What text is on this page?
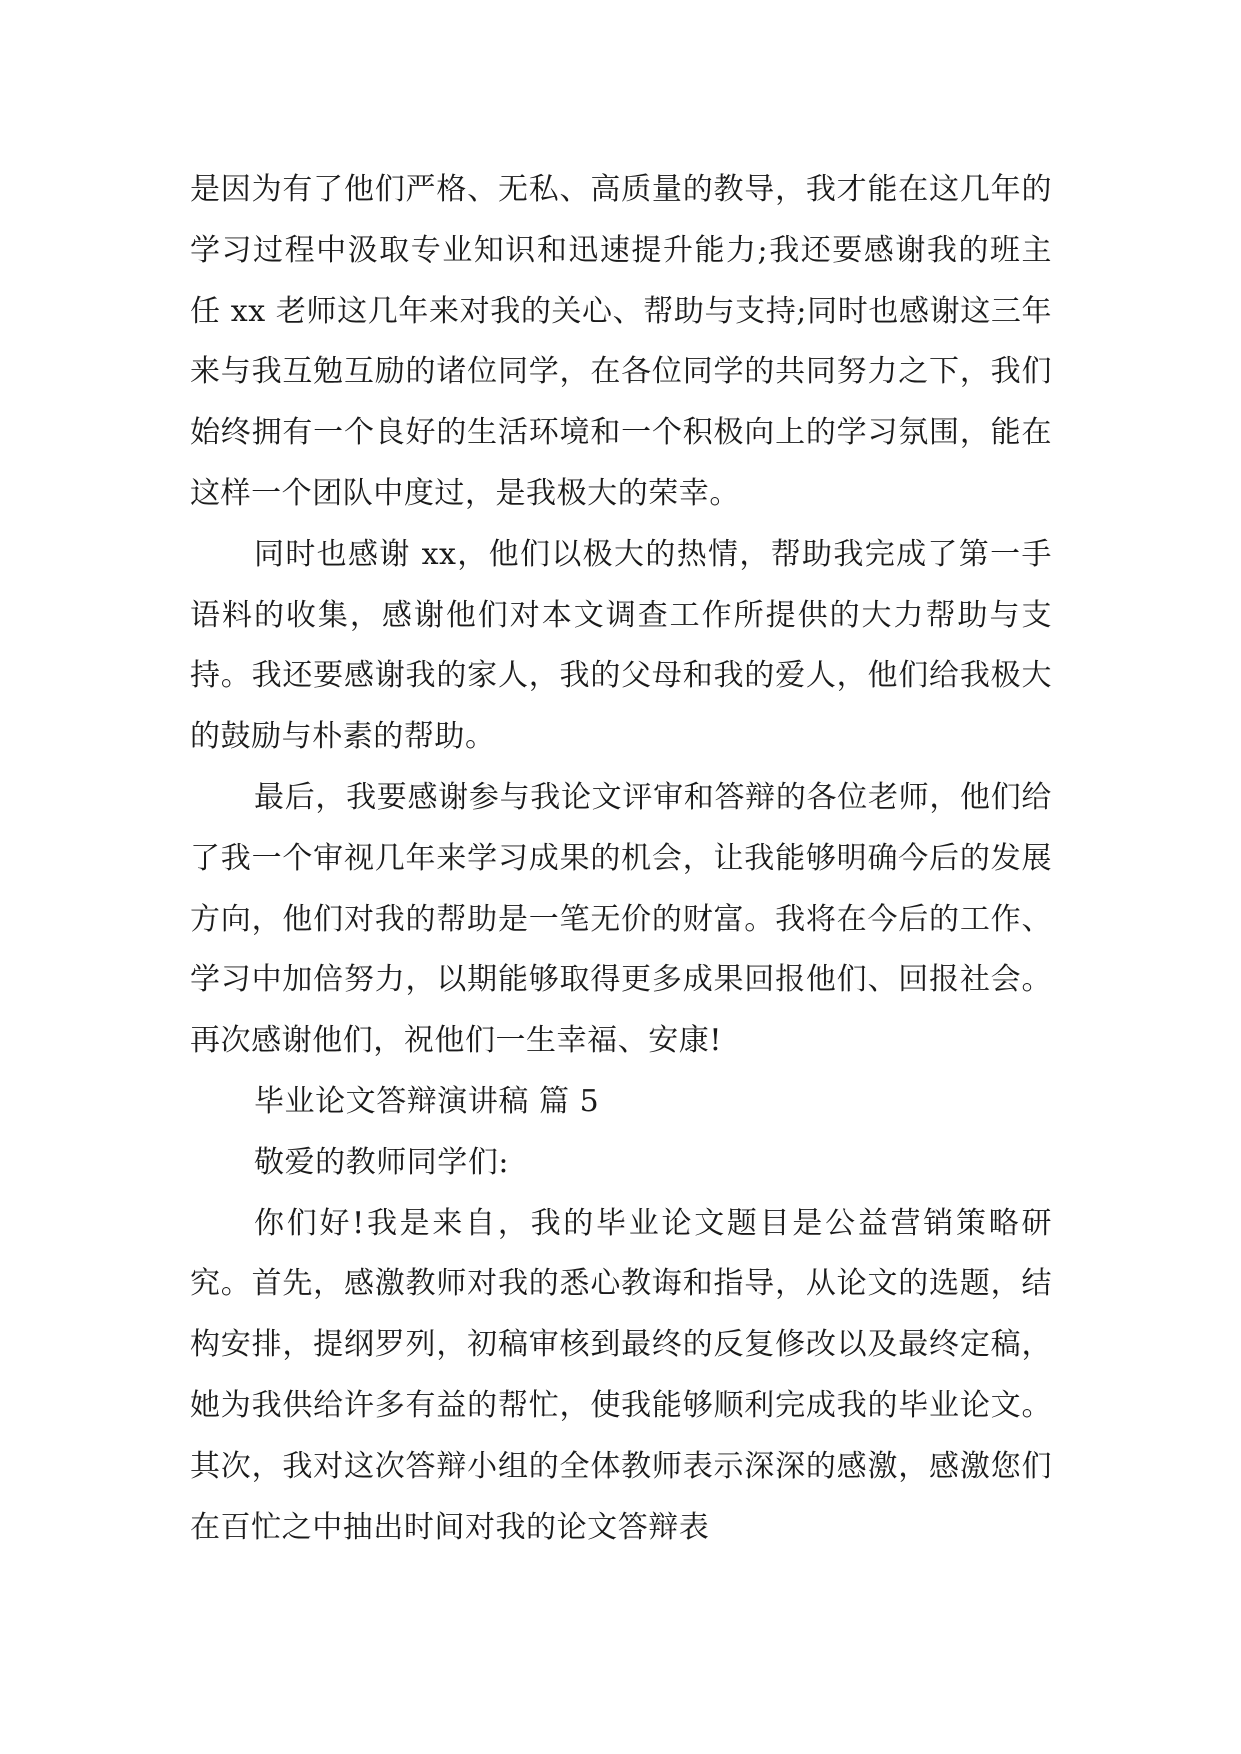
是因为有了他们严格、无私、高质量的教导，我才能在这几年的学习过程中汲取专业知识和迅速提升能力;我还要感谢我的班主任 xx 老师这几年来对我的关心、帮助与支持;同时也感谢这三年来与我互勉互励的诸位同学，在各位同学的共同努力之下，我们始终拥有一个良好的生活环境和一个积极向上的学习氛围，能在这样一个团队中度过，是我极大的荣幸。

同时也感谢 xx，他们以极大的热情，帮助我完成了第一手语料的收集，感谢他们对本文调查工作所提供的大力帮助与支持。我还要感谢我的家人，我的父母和我的爱人，他们给我极大的鼓励与朴素的帮助。

最后，我要感谢参与我论文评审和答辩的各位老师，他们给了我一个审视几年来学习成果的机会，让我能够明确今后的发展方向，他们对我的帮助是一笔无价的财富。我将在今后的工作、学习中加倍努力，以期能够取得更多成果回报他们、回报社会。再次感谢他们，祝他们一生幸福、安康!

毕业论文答辩演讲稿 篇 5

敬爱的教师同学们:

你们好!我是来自，我的毕业论文题目是公益营销策略研究。首先，感激教师对我的悉心教诲和指导，从论文的选题，结构安排，提纲罗列，初稿审核到最终的反复修改以及最终定稿，她为我供给许多有益的帮忙，使我能够顺利完成我的毕业论文。其次，我对这次答辩小组的全体教师表示深深的感激，感激您们在百忙之中抽出时间对我的论文答辩表
